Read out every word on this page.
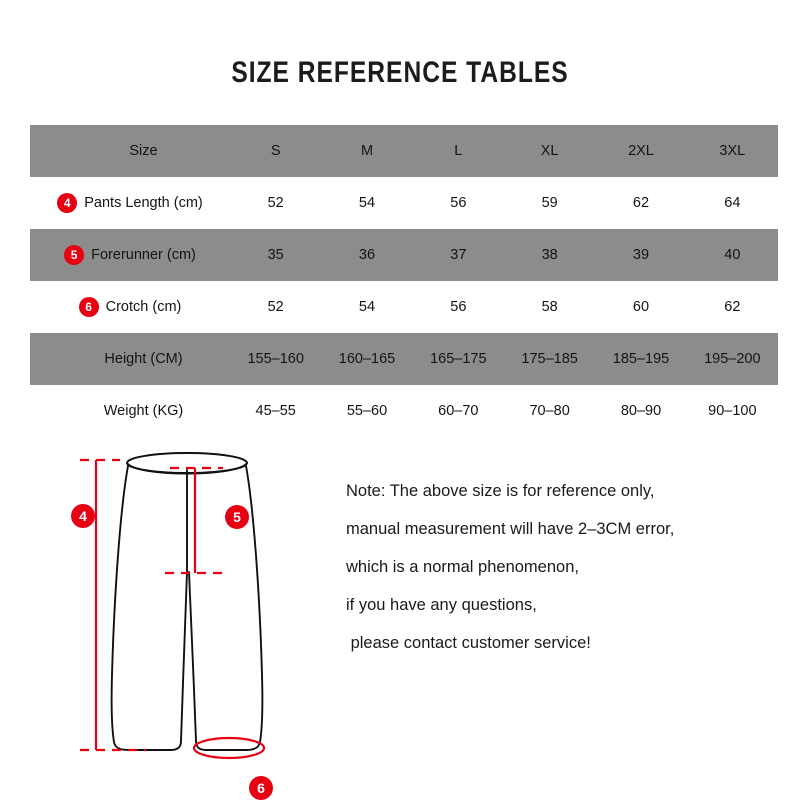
SIZE REFERENCE TABLES
Size	S	M	L	XL	2XL	3XL

4 Pants Length (cm)	52	54	56	59	62	64

5 Forerunner (cm)	35	36	37	38	39	40

6 Crotch (cm)	52	54	56	58	60	62

Height (CM)	155–160	160–165	165–175	175–185	185–195	195–200

Weight (KG)	45–55	55–60	60–70	70–80	80–90	90–100
Note: The above size is for reference only,
manual measurement will have 2–3CM error,
which is a normal phenomenon,
if you have any questions,
please contact customer service!
4	5
6
